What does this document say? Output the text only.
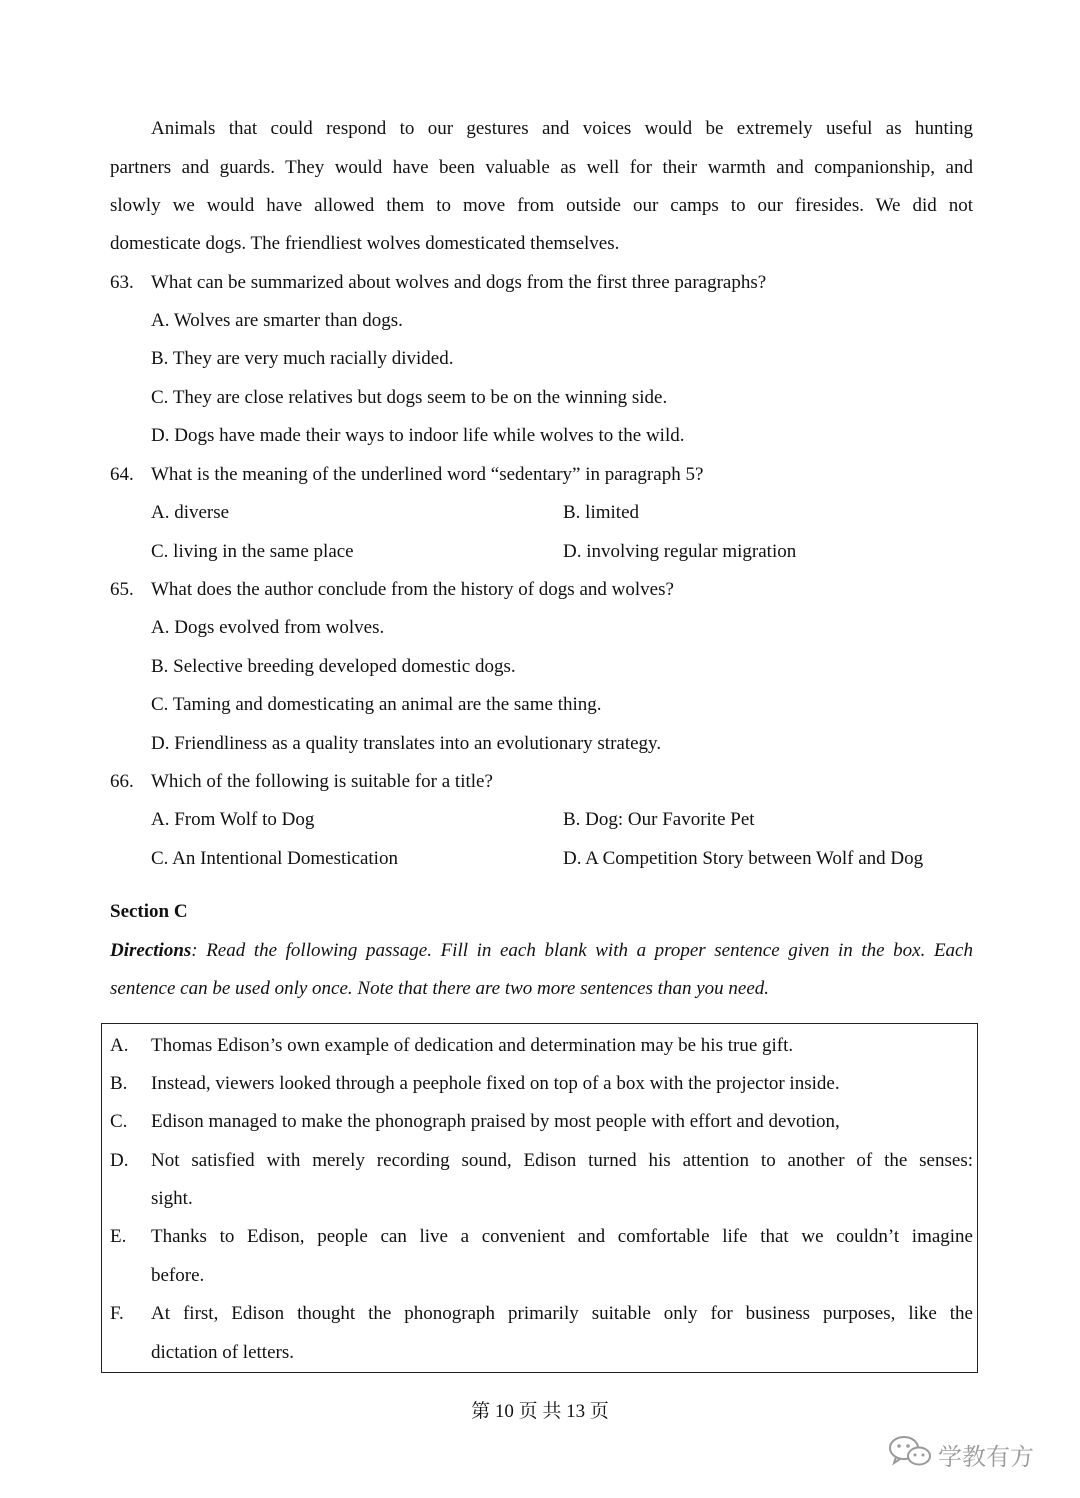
Animals that could respond to our gestures and voices would be extremely useful as hunting
partners and guards. They would have been valuable as well for their warmth and companionship, and
slowly we would have allowed them to move from outside our camps to our firesides. We did not
domesticate dogs. The friendliest wolves domesticated themselves.
63. What can be summarized about wolves and dogs from the first three paragraphs?
A. Wolves are smarter than dogs.
B. They are very much racially divided.
C. They are close relatives but dogs seem to be on the winning side.
D. Dogs have made their ways to indoor life while wolves to the wild.
64. What is the meaning of the underlined word “sedentary” in paragraph 5?
A. diverse	B. limited
C. living in the same place	D. involving regular migration
65. What does the author conclude from the history of dogs and wolves?
A. Dogs evolved from wolves.
B. Selective breeding developed domestic dogs.
C. Taming and domesticating an animal are the same thing.
D. Friendliness as a quality translates into an evolutionary strategy.
66. Which of the following is suitable for a title?
A. From Wolf to Dog	B. Dog: Our Favorite Pet
C. An Intentional Domestication	D. A Competition Story between Wolf and Dog
Section C
Directions: Read the following passage. Fill in each blank with a proper sentence given in the box. Each
sentence can be used only once. Note that there are two more sentences than you need.
A. Thomas Edison’s own example of dedication and determination may be his true gift.
B. Instead, viewers looked through a peephole fixed on top of a box with the projector inside.
C. Edison managed to make the phonograph praised by most people with effort and devotion,
D. Not satisfied with merely recording sound, Edison turned his attention to another of the senses:
sight.
E. Thanks to Edison, people can live a convenient and comfortable life that we couldn’t imagine
before.
F. At first, Edison thought the phonograph primarily suitable only for business purposes, like the
dictation of letters.
第 10 页 共 13 页
学教有方
